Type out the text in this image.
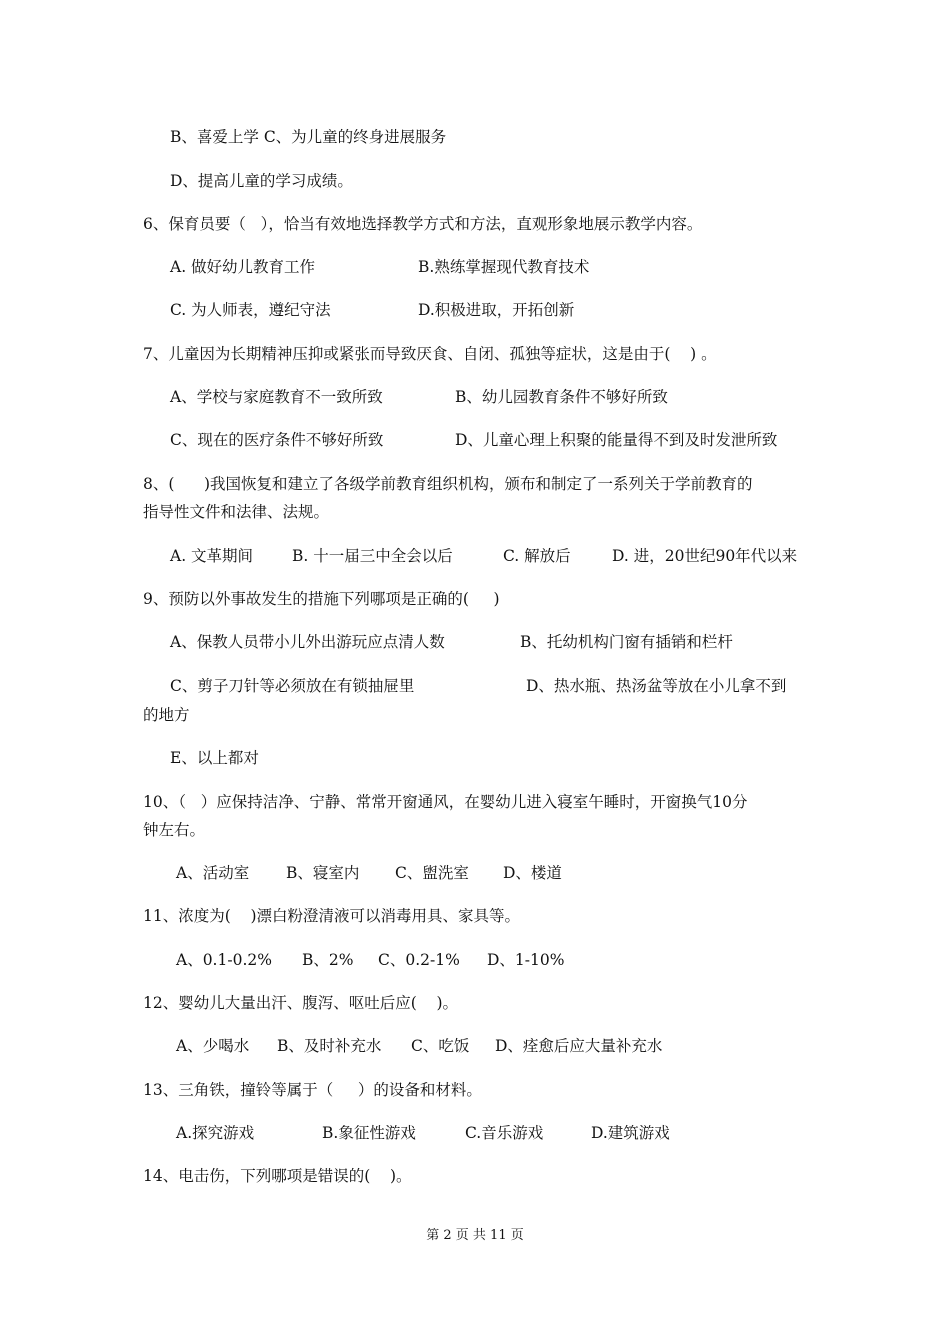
B、喜爱上学 C、为儿童的终身进展服务
D、提高儿童的学习成绩。
6、保育员要（   ），恰当有效地选择教学方式和方法，直观形象地展示教学内容。
A. 做好幼儿教育工作	B.熟练掌握现代教育技术
C. 为人师表，遵纪守法	D.积极进取，开拓创新
7、儿童因为长期精神压抑或紧张而导致厌食、自闭、孤独等症状，这是由于(    ) 。
A、学校与家庭教育不一致所致	B、幼儿园教育条件不够好所致
C、现在的医疗条件不够好所致	D、儿童心理上积聚的能量得不到及时发泄所致
8、(      )我国恢复和建立了各级学前教育组织机构，颁布和制定了一系列关于学前教育的
指导性文件和法律、法规。
A. 文革期间	B. 十一届三中全会以后	C. 解放后	D. 进，20世纪90年代以来
9、预防以外事故发生的措施下列哪项是正确的(     )
A、保教人员带小儿外出游玩应点清人数	B、托幼机构门窗有插销和栏杆
C、剪子刀针等必须放在有锁抽屉里	D、热水瓶、热汤盆等放在小儿拿不到
的地方
E、以上都对
10、（   ）应保持洁净、宁静、常常开窗通风，在婴幼儿进入寝室午睡时，开窗换气10分
钟左右。
A、活动室 B、寝室内 C、盥洗室 D、楼道
11、浓度为(    )漂白粉澄清液可以消毒用具、家具等。
A、0.1-0.2% B、2% C、0.2-1% D、1-10%
12、婴幼儿大量出汗、腹泻、呕吐后应(    )。
A、少喝水 B、及时补充水 C、吃饭 D、痊愈后应大量补充水
13、三角铁，撞铃等属于（     ）的设备和材料。
A.探究游戏	B.象征性游戏	C.音乐游戏	D.建筑游戏
14、电击伤，下列哪项是错误的(    )。
第 2 页 共 11 页
